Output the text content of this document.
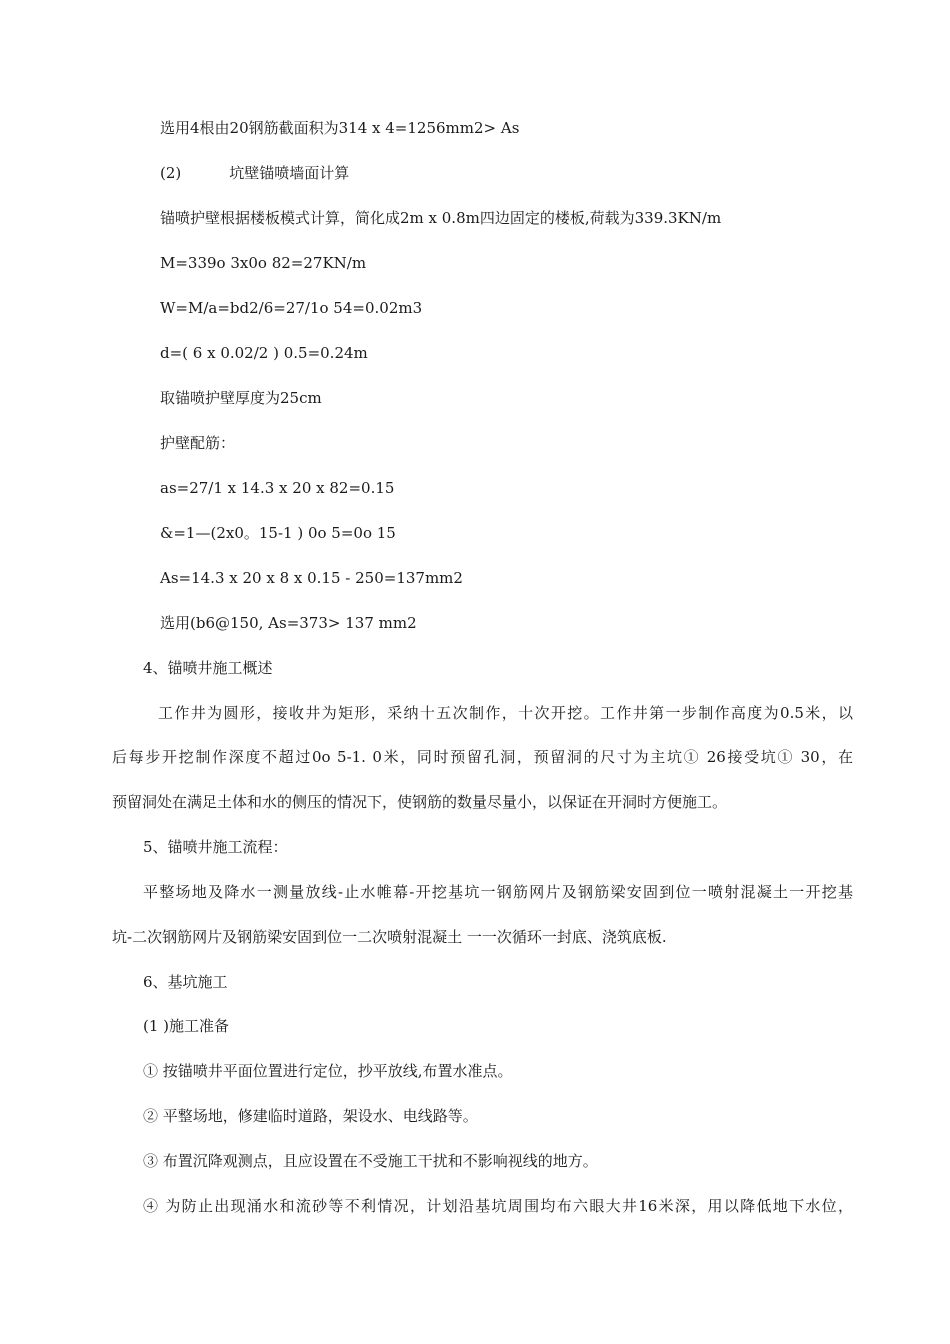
选用4根由20钢筋截面积为314 x 4=1256mm2> As
(2)	坑壁锚喷墙面计算
锚喷护壁根据楼板模式计算，简化成2m x 0.8m四边固定的楼板,荷载为339.3KN/m
M=339o 3x0o 82=27KN/m
W=M/a=bd2/6=27/1o 54=0.02m3
d=( 6 x 0.02/2 ) 0.5=0.24m
取锚喷护壁厚度为25cm
护壁配筋：
as=27/1 x 14.3 x 20 x 82=0.15
&=1—(2x0。15-1 ) 0o 5=0o 15
As=14.3 x 20 x 8 x 0.15 - 250=137mm2
选用(b6@150, As=373> 137 mm2
4、锚喷井施工概述
工作井为圆形，接收井为矩形，采纳十五次制作，十次开挖。工作井第一步制作高度为0.5米，以
后每步开挖制作深度不超过0o 5-1. 0米，同时预留孔洞，预留洞的尺寸为主坑① 26接受坑① 30，在
预留洞处在满足土体和水的侧压的情况下，使钢筋的数量尽量小，以保证在开洞时方便施工。
5、锚喷井施工流程：
平整场地及降水一测量放线-止水帷幕-开挖基坑一钢筋网片及钢筋梁安固到位一喷射混凝土一开挖基
坑-二次钢筋网片及钢筋梁安固到位一二次喷射混凝土 一一次循环一封底、浇筑底板.
6、基坑施工
(1 )施工准备
① 按锚喷井平面位置进行定位，抄平放线,布置水准点。
② 平整场地，修建临时道路，架设水、电线路等。
③ 布置沉降观测点，且应设置在不受施工干扰和不影响视线的地方。
④ 为防止出现涌水和流砂等不利情况，计划沿基坑周围均布六眼大井16米深，用以降低地下水位，
